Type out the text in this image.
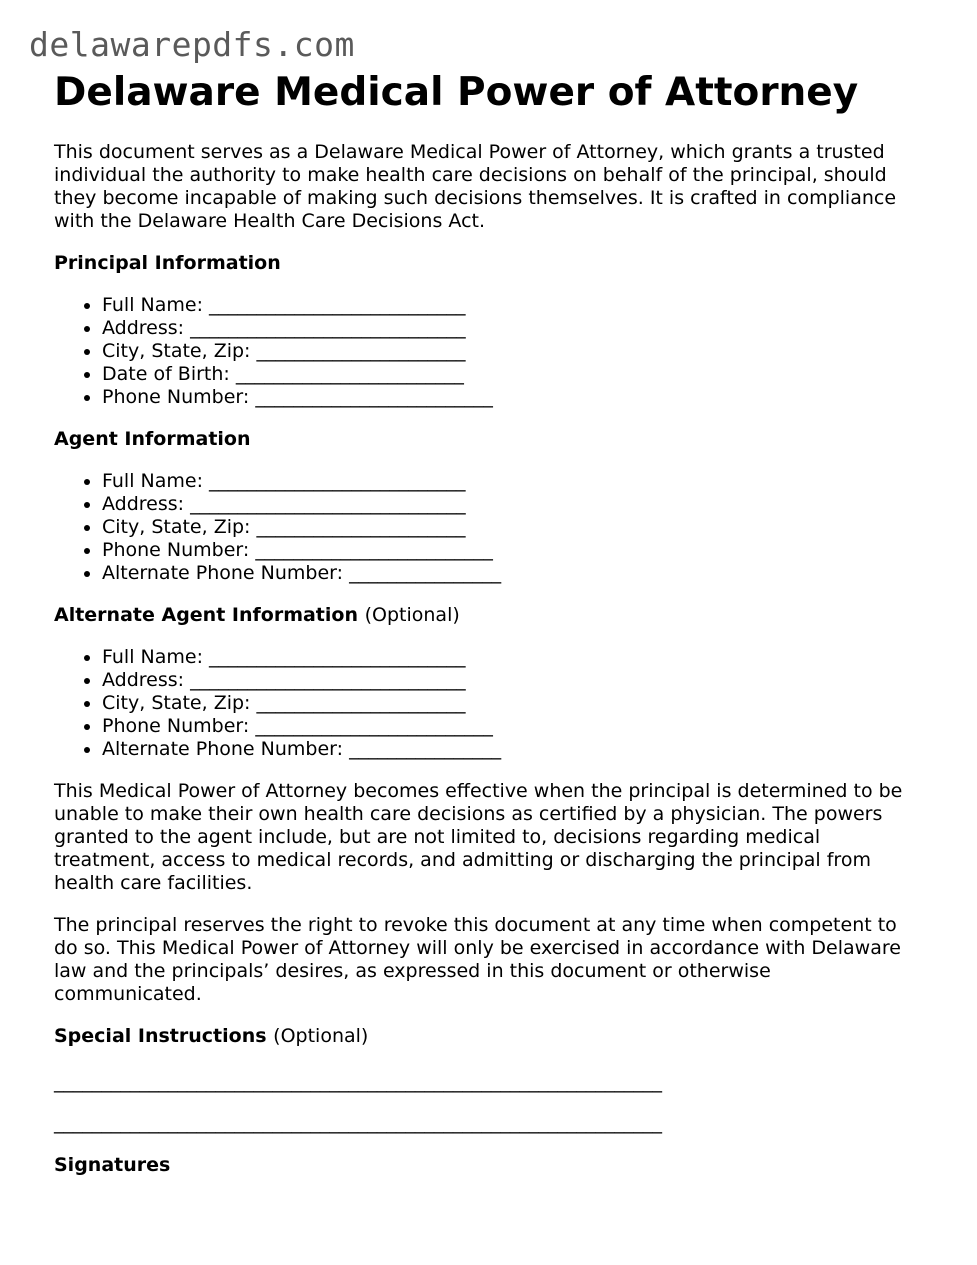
delawarepdfs.com
Delaware Medical Power of Attorney

This document serves as a Delaware Medical Power of Attorney, which grants a trusted individual the authority to make health care decisions on behalf of the principal, should they become incapable of making such decisions themselves. It is crafted in compliance with the Delaware Health Care Decisions Act.

Principal Information
• Full Name: ___________________________
• Address: _____________________________
• City, State, Zip: ______________________
• Date of Birth: ________________________
• Phone Number: _________________________
Agent Information
• Full Name: ___________________________
• Address: _____________________________
• City, State, Zip: ______________________
• Phone Number: _________________________
• Alternate Phone Number: ________________
Alternate Agent Information (Optional)
• Full Name: ___________________________
• Address: _____________________________
• City, State, Zip: ______________________
• Phone Number: _________________________
• Alternate Phone Number: ________________

This Medical Power of Attorney becomes effective when the principal is determined to be unable to make their own health care decisions as certified by a physician. The powers granted to the agent include, but are not limited to, decisions regarding medical treatment, access to medical records, and admitting or discharging the principal from health care facilities.

The principal reserves the right to revoke this document at any time when competent to do so. This Medical Power of Attorney will only be exercised in accordance with Delaware law and the principals’ desires, as expressed in this document or otherwise communicated.

Special Instructions (Optional)
________________________________________________________________
________________________________________________________________
Signatures
